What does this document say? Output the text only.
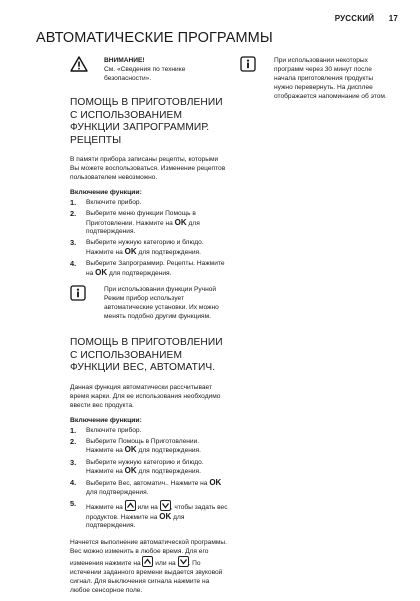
РУССКИЙ 17
АВТОМАТИЧЕСКИЕ ПРОГРАММЫ
ВНИМАНИЕ!
См. «Сведения по технике безопасности».
ПОМОЩЬ В ПРИГОТОВЛЕНИИ С ИСПОЛЬЗОВАНИЕМ ФУНКЦИИ ЗАПРОГРАММИР. РЕЦЕПТЫ

В памяти прибора записаны рецепты, которыми Вы можете воспользоваться. Изменение рецептов пользователем невозможно.

Включение функции:
1. Включите прибор.
2. Выберите меню функции Помощь в Приготовлении. Нажмите на OK для подтверждения.
3. Выберите нужную категорию и блюдо. Нажмите на OK для подтверждения.
4. Выберите Запрограммир. Рецепты. Нажмите на OK для подтверждения.
При использовании функции Ручной Режим прибор использует автоматические установки. Их можно менять подобно другим функциям.
ПОМОЩЬ В ПРИГОТОВЛЕНИИ С ИСПОЛЬЗОВАНИЕМ ФУНКЦИИ ВЕС, АВТОМАТИЧ.

Данная функция автоматически рассчитывает время жарки. Для ее использования необходимо ввести вес продукта.

Включение функции:
1. Включите прибор.
2. Выберите Помощь в Приготовлении. Нажмите на OK для подтверждения.
3. Выберите нужную категорию и блюдо. Нажмите на OK для подтверждения.
4. Выберите Вес, автоматич.. Нажмите на OK для подтверждения.
5. Нажмите на
или на
, чтобы задать вес продуктов. Нажмите на OK для подтверждения.

Начнется выполнение автоматической программы. Вес можно изменить в любое время. Для его изменения нажмите на
или на
. По истечении заданного времени выдается звуковой сигнал. Для выключения сигнала нажмите на любое сенсорное поле.

При использовании некоторых программ через 30 минут после начала приготовления продукты нужно перевернуть. На дисплее отображается напоминание об этом.
